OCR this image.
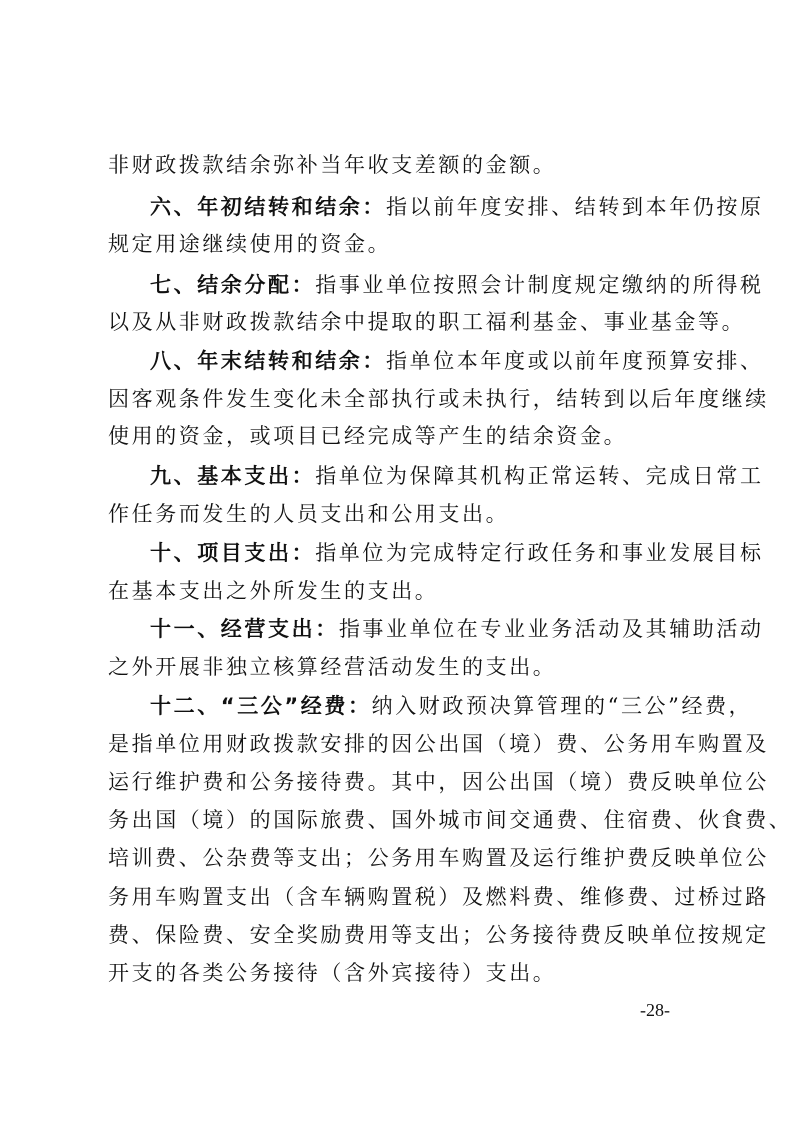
非财政拨款结余弥补当年收支差额的金额。
六、年初结转和结余：指以前年度安排、结转到本年仍按原
规定用途继续使用的资金。
七、结余分配：指事业单位按照会计制度规定缴纳的所得税
以及从非财政拨款结余中提取的职工福利基金、事业基金等。
八、年末结转和结余：指单位本年度或以前年度预算安排、
因客观条件发生变化未全部执行或未执行，结转到以后年度继续
使用的资金，或项目已经完成等产生的结余资金。
九、基本支出：指单位为保障其机构正常运转、完成日常工
作任务而发生的人员支出和公用支出。
十、项目支出：指单位为完成特定行政任务和事业发展目标
在基本支出之外所发生的支出。
十一、经营支出：指事业单位在专业业务活动及其辅助活动
之外开展非独立核算经营活动发生的支出。
十二、“三公”经费：纳入财政预决算管理的“三公”经费，
是指单位用财政拨款安排的因公出国（境）费、公务用车购置及
运行维护费和公务接待费。其中，因公出国（境）费反映单位公
务出国（境）的国际旅费、国外城市间交通费、住宿费、伙食费、
培训费、公杂费等支出；公务用车购置及运行维护费反映单位公
务用车购置支出（含车辆购置税）及燃料费、维修费、过桥过路
费、保险费、安全奖励费用等支出；公务接待费反映单位按规定
开支的各类公务接待（含外宾接待）支出。
-28-
